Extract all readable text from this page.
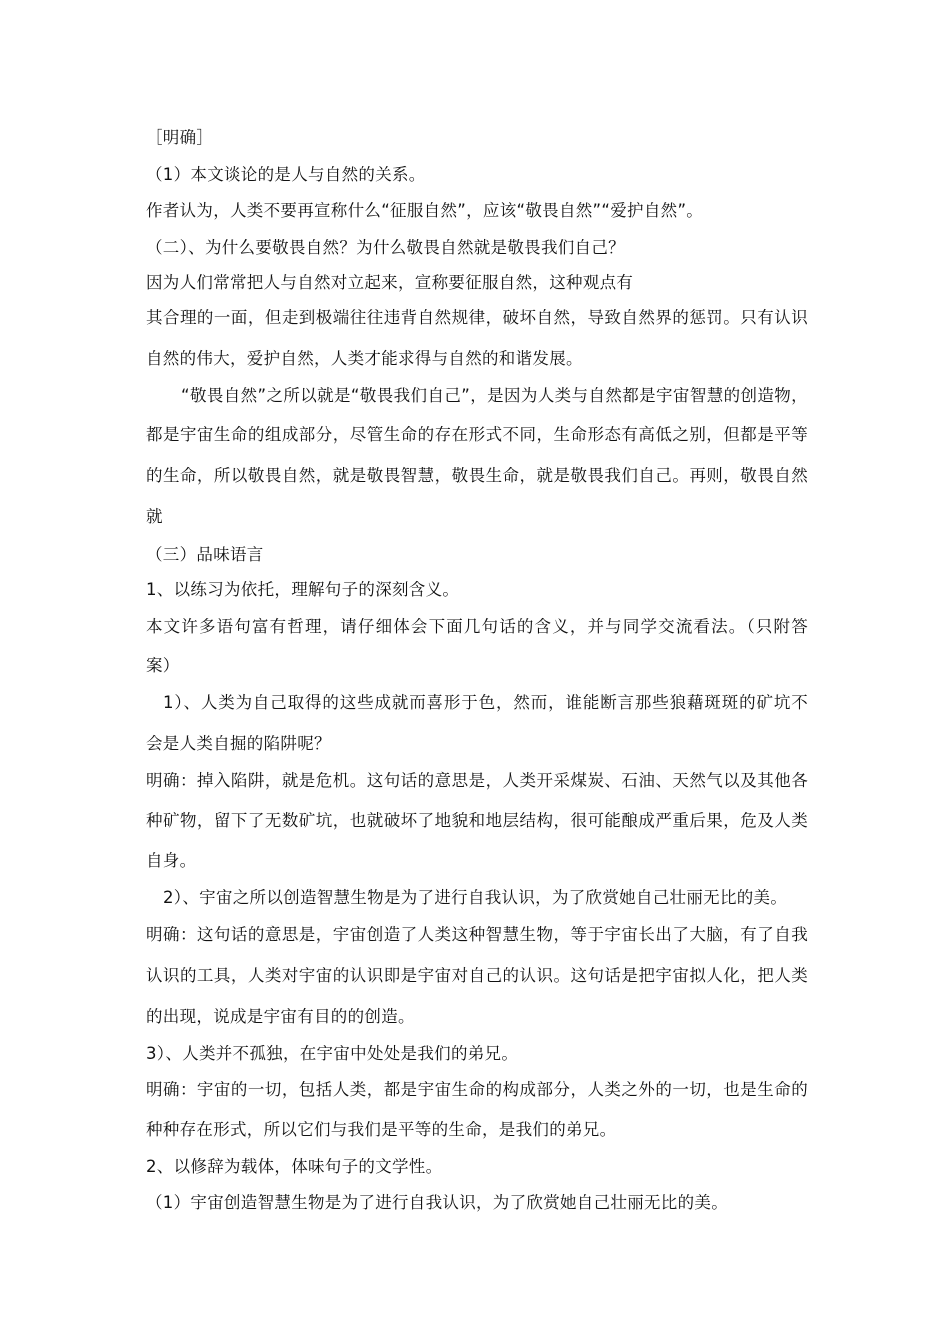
［明确］
（1）本文谈论的是人与自然的关系。
作者认为，人类不要再宣称什么“征服自然”，应该“敬畏自然”“爱护自然”。
（二）、为什么要敬畏自然？为什么敬畏自然就是敬畏我们自己？
因为人们常常把人与自然对立起来，宣称要征服自然，这种观点有
其合理的一面，但走到极端往往违背自然规律，破坏自然，导致自然界的惩罚。只有认识
自然的伟大，爱护自然，人类才能求得与自然的和谐发展。
“敬畏自然”之所以就是“敬畏我们自己”，是因为人类与自然都是宇宙智慧的创造物，
都是宇宙生命的组成部分，尽管生命的存在形式不同，生命形态有高低之别，但都是平等
的生命，所以敬畏自然，就是敬畏智慧，敬畏生命，就是敬畏我们自己。再则，敬畏自然
就
（三）品味语言
1、以练习为依托，理解句子的深刻含义。
本文许多语句富有哲理，请仔细体会下面几句话的含义，并与同学交流看法。（只附答
案）
1）、人类为自己取得的这些成就而喜形于色，然而，谁能断言那些狼藉斑斑的矿坑不
会是人类自掘的陷阱呢？
明确：掉入陷阱，就是危机。这句话的意思是，人类开采煤炭、石油、天然气以及其他各
种矿物，留下了无数矿坑，也就破坏了地貌和地层结构，很可能酿成严重后果，危及人类
自身。
2）、宇宙之所以创造智慧生物是为了进行自我认识，为了欣赏她自己壮丽无比的美。
明确：这句话的意思是，宇宙创造了人类这种智慧生物，等于宇宙长出了大脑，有了自我
认识的工具，人类对宇宙的认识即是宇宙对自己的认识。这句话是把宇宙拟人化，把人类
的出现，说成是宇宙有目的的创造。
3）、人类并不孤独，在宇宙中处处是我们的弟兄。
明确：宇宙的一切，包括人类，都是宇宙生命的构成部分，人类之外的一切，也是生命的
种种存在形式，所以它们与我们是平等的生命，是我们的弟兄。
2、以修辞为载体，体味句子的文学性。
（1）宇宙创造智慧生物是为了进行自我认识，为了欣赏她自己壮丽无比的美。
